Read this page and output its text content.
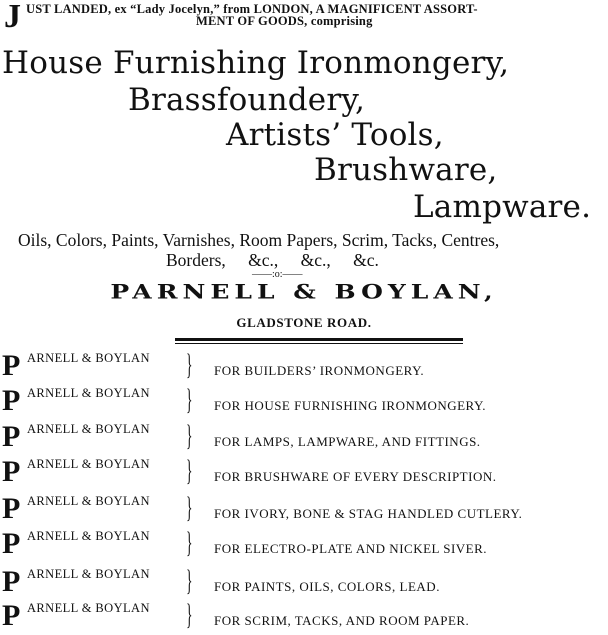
J UST LANDED, ex “Lady Jocelyn,” from LONDON, A MAGNIFICENT ASSORT-
MENT OF GOODS, comprising
House Furnishing Ironmongery,
Brassfoundery,
Artists’ Tools,
Brushware,
Lampware.
Oils, Colors, Paints, Varnishes, Room Papers, Scrim, Tacks, Centres,
Borders, &c., &c., &c.
——:o:——
PARNELL & BOYLAN,
GLADSTONE ROAD.
P ARNELL & BOYLAN } FOR BUILDERS’ IRONMONGERY.
P ARNELL & BOYLAN } FOR HOUSE FURNISHING IRONMONGERY.
P ARNELL & BOYLAN } FOR LAMPS, LAMPWARE, AND FITTINGS.
P ARNELL & BOYLAN } FOR BRUSHWARE OF EVERY DESCRIPTION.
P ARNELL & BOYLAN } FOR IVORY, BONE & STAG HANDLED CUTLERY.
P ARNELL & BOYLAN } FOR ELECTRO-PLATE AND NICKEL SIVER.
P ARNELL & BOYLAN } FOR PAINTS, OILS, COLORS, LEAD.
P ARNELL & BOYLAN } FOR SCRIM, TACKS, AND ROOM PAPER.
